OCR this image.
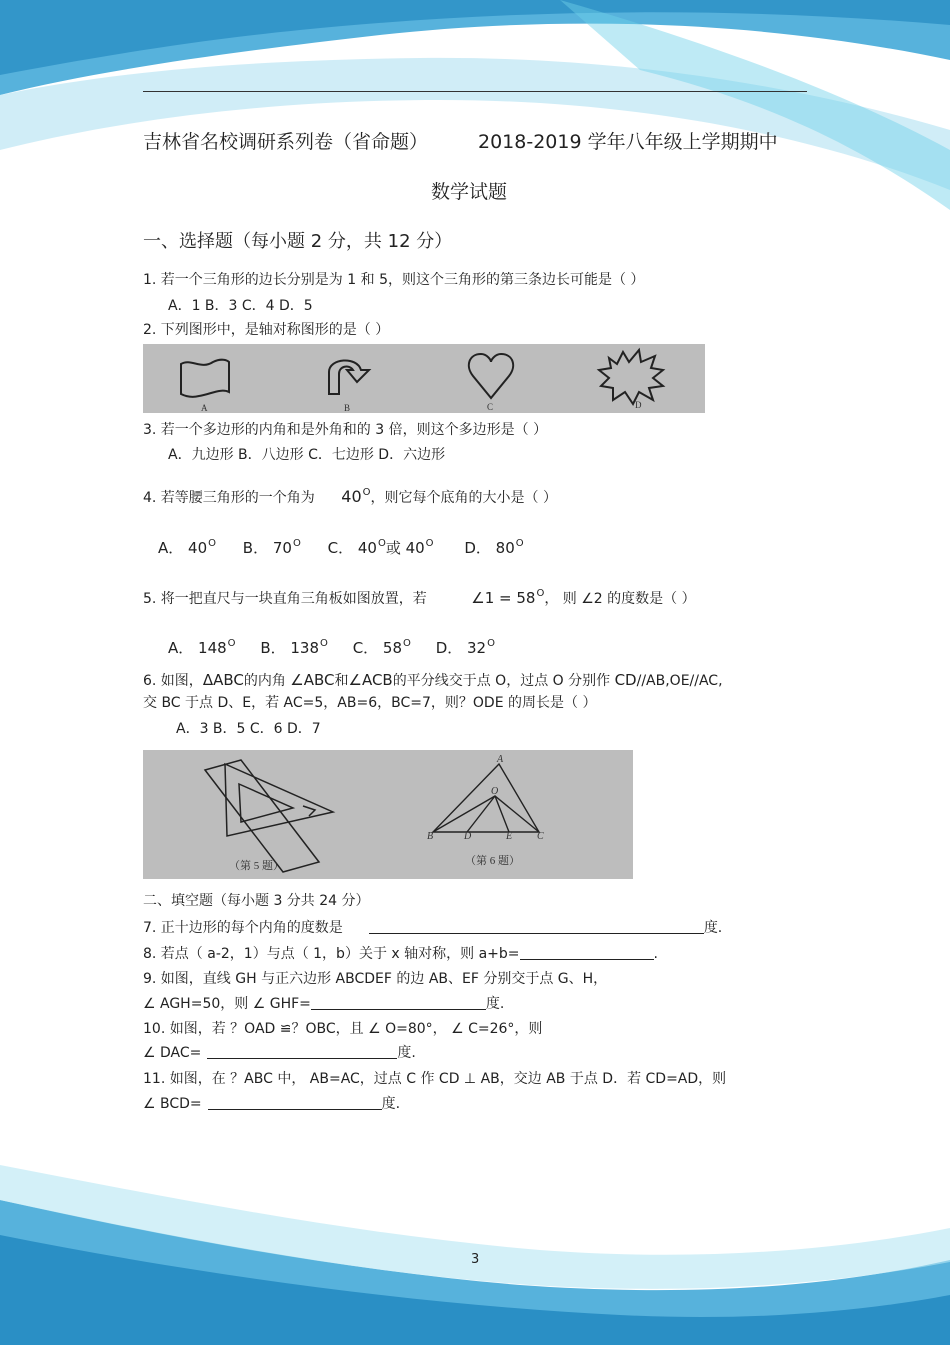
吉林省名校调研系列卷（省命题）	2018-2019 学年八年级上学期期中
数学试题
一、选择题（每小题 2 分，共 12 分）
1. 若一个三角形的边长分别是为 1 和 5，则这个三角形的第三条边长可能是（ ）
A．1 B．3 C．4 D．5
2. 下列图形中，是轴对称图形的是（ ）
A	B	C	D
3. 若一个多边形的内角和是外角和的 3 倍，则这个多边形是（ ）
A．九边形 B．八边形 C．七边形 D．六边形
4. 若等腰三角形的一个角为 $40^O$，则它每个底角的大小是（ ）
A． $40^O$ B． $70^O$ C． $40^O$或 $40^O$ D． $80^O$
5. 将一把直尺与一块直角三角板如图放置，若	∠1 = $58^O$， 则 ∠2 的度数是（ ）
A． $148^O$ B． $138^O$ C． $58^O$ D． $32^O$
6. 如图，ΔABC的内角 ∠ABC和∠ACB的平分线交于点 O，过点 O 分别作 CD//AB,OE//AC,
交 BC 于点 D、E，若 AC=5，AB=6，BC=7，则？ODE 的周长是（ ）
A．3 B．5 C．6 D．7
（第 5 题）
A
O
B	D	E C
（第 6 题）
二、填空题（每小题 3 分共 24 分）
7. 正十边形的每个内角的度数是	度.
8. 若点（ a-2，1）与点（ 1，b）关于 x 轴对称，则 a+b=	.
9. 如图，直线 GH 与正六边形 ABCDEF 的边 AB、EF 分别交于点 G、H，
∠ AGH=50，则 ∠ GHF=	度.
10. 如图，若 ？OAD ≌？OBC，且 ∠ O=80°， ∠ C=26°，则
∠ DAC=	度.
11. 如图，在 ？ABC 中， AB=AC，过点 C 作 CD ⊥ AB，交边 AB 于点 D．若 CD=AD，则
∠ BCD=	度.
3
